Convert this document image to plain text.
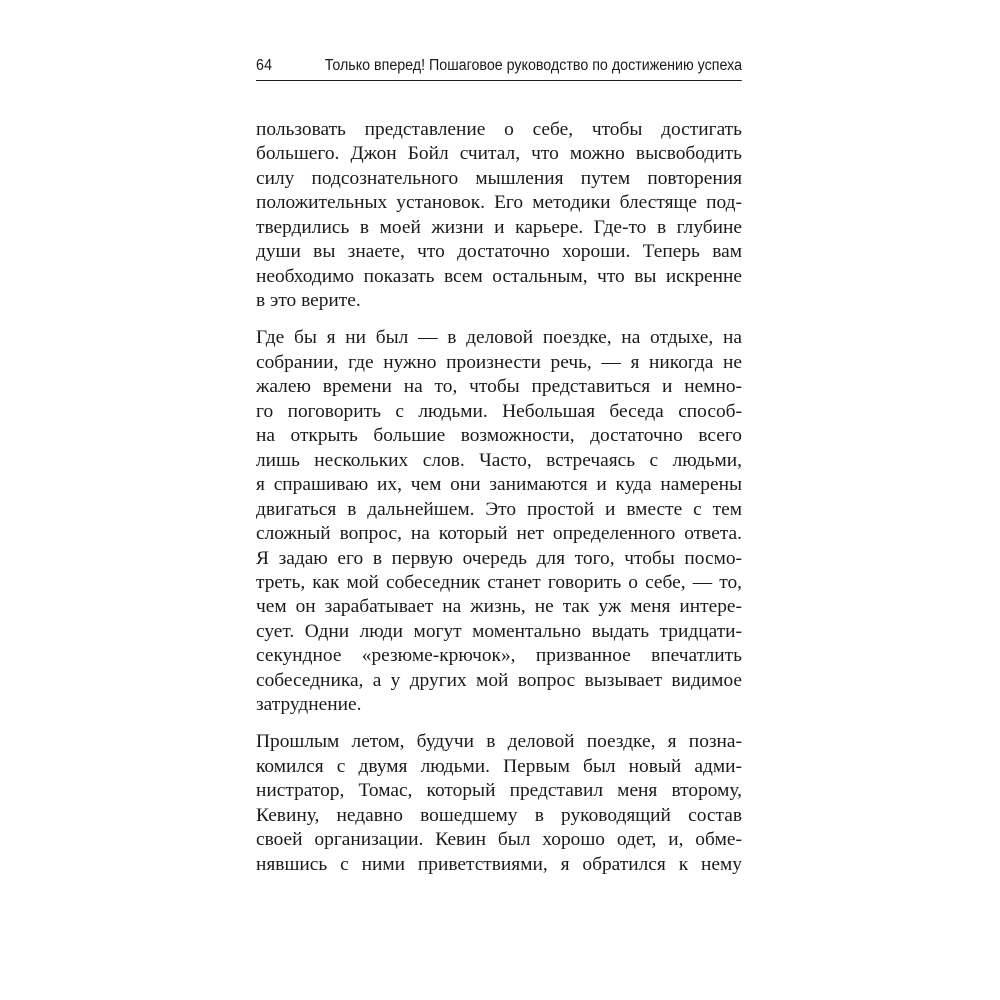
64	Только вперед! Пошаговое руководство по достижению успеха

пользовать представление о себе, чтобы достигать
большего. Джон Бойл считал, что можно высвободить
силу подсознательного мышления путем повторения
положительных установок. Его методики блестяще под-
твердились в моей жизни и карьере. Где-то в глубине
души вы знаете, что достаточно хороши. Теперь вам
необходимо показать всем остальным, что вы искренне
в это верите.

Где бы я ни был — в деловой поездке, на отдыхе, на
собрании, где нужно произнести речь, — я никогда не
жалею времени на то, чтобы представиться и немно-
го поговорить с людьми. Небольшая беседа способ-
на открыть большие возможности, достаточно всего
лишь нескольких слов. Часто, встречаясь с людьми,
я спрашиваю их, чем они занимаются и куда намерены
двигаться в дальнейшем. Это простой и вместе с тем
сложный вопрос, на который нет определенного ответа.
Я задаю его в первую очередь для того, чтобы посмо-
треть, как мой собеседник станет говорить о себе, — то,
чем он зарабатывает на жизнь, не так уж меня интере-
сует. Одни люди могут моментально выдать тридцати-
секундное «резюме-крючок», призванное впечатлить
собеседника, а у других мой вопрос вызывает видимое
затруднение.

Прошлым летом, будучи в деловой поездке, я позна-
комился с двумя людьми. Первым был новый адми-
нистратор, Томас, который представил меня второму,
Кевину, недавно вошедшему в руководящий состав
своей организации. Кевин был хорошо одет, и, обме-
нявшись с ними приветствиями, я обратился к нему
